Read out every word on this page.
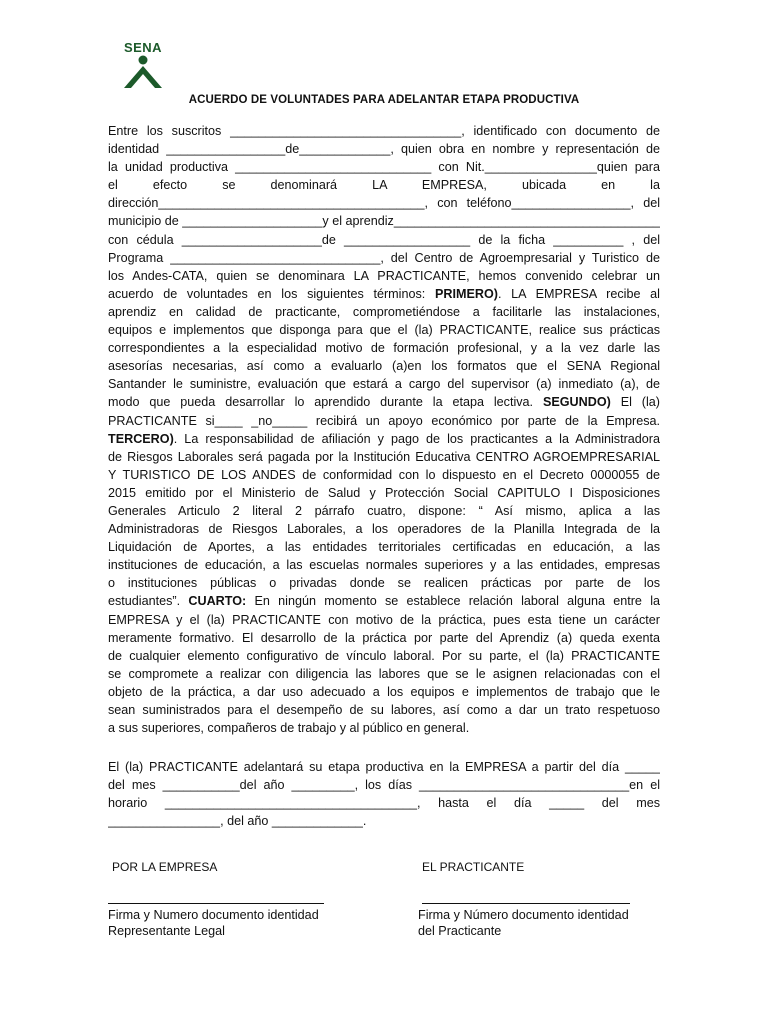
SENA
ACUERDO DE VOLUNTADES PARA ADELANTAR ETAPA PRODUCTIVA
Entre los suscritos _________________________________, identificado con documento de
identidad _________________de_____________, quien obra en nombre y representación de
la unidad productiva ____________________________ con Nit.________________quien para
el efecto se denominará LA EMPRESA, ubicada en la
dirección______________________________________, con teléfono_________________, del
municipio de ____________________y el aprendiz______________________________________
con cédula ____________________de __________________ de la ficha __________ , del
Programa ______________________________, del Centro de Agroempresarial y Turistico de
los Andes-CATA, quien se denominara LA PRACTICANTE, hemos convenido celebrar un
acuerdo de voluntades en los siguientes términos: PRIMERO). LA EMPRESA recibe al
aprendiz en calidad de practicante, comprometiéndose a facilitarle las instalaciones,
equipos e implementos que disponga para que el (la) PRACTICANTE, realice sus prácticas
correspondientes a la especialidad motivo de formación profesional, y a la vez darle las
asesorías necesarias, así como a evaluarlo (a)en los formatos que el SENA Regional
Santander le suministre, evaluación que estará a cargo del supervisor (a) inmediato (a), de
modo que pueda desarrollar lo aprendido durante la etapa lectiva. SEGUNDO) El (la)
PRACTICANTE si____ _no_____ recibirá un apoyo económico por parte de la Empresa.
TERCERO). La responsabilidad de afiliación y pago de los practicantes a la Administradora
de Riesgos Laborales será pagada por la Institución Educativa CENTRO AGROEMPRESARIAL
Y TURISTICO DE LOS ANDES de conformidad con lo dispuesto en el Decreto 0000055 de
2015 emitido por el Ministerio de Salud y Protección Social CAPITULO I Disposiciones
Generales Articulo 2 literal 2 párrafo cuatro, dispone: “ Así mismo, aplica a las
Administradoras de Riesgos Laborales, a los operadores de la Planilla Integrada de la
Liquidación de Aportes, a las entidades territoriales certificadas en educación, a las
instituciones de educación, a las escuelas normales superiores y a las entidades, empresas
o instituciones públicas o privadas donde se realicen prácticas por parte de los
estudiantes”. CUARTO: En ningún momento se establece relación laboral alguna entre la
EMPRESA y el (la) PRACTICANTE con motivo de la práctica, pues esta tiene un carácter
meramente formativo. El desarrollo de la práctica por parte del Aprendiz (a) queda exenta
de cualquier elemento configurativo de vínculo laboral. Por su parte, el (la) PRACTICANTE
se compromete a realizar con diligencia las labores que se le asignen relacionadas con el
objeto de la práctica, a dar uso adecuado a los equipos e implementos de trabajo que le
sean suministrados para el desempeño de su labores, así como a dar un trato respetuoso
a sus superiores, compañeros de trabajo y al público en general.
El (la) PRACTICANTE adelantará su etapa productiva en la EMPRESA a partir del día _____
del mes ___________del año _________, los días ______________________________en el
horario ____________________________________, hasta el día _____ del mes
________________, del año _____________.
POR LA EMPRESA	EL PRACTICANTE
Firma y Numero documento identidad
Representante Legal
Firma y Número documento identidad
del Practicante
